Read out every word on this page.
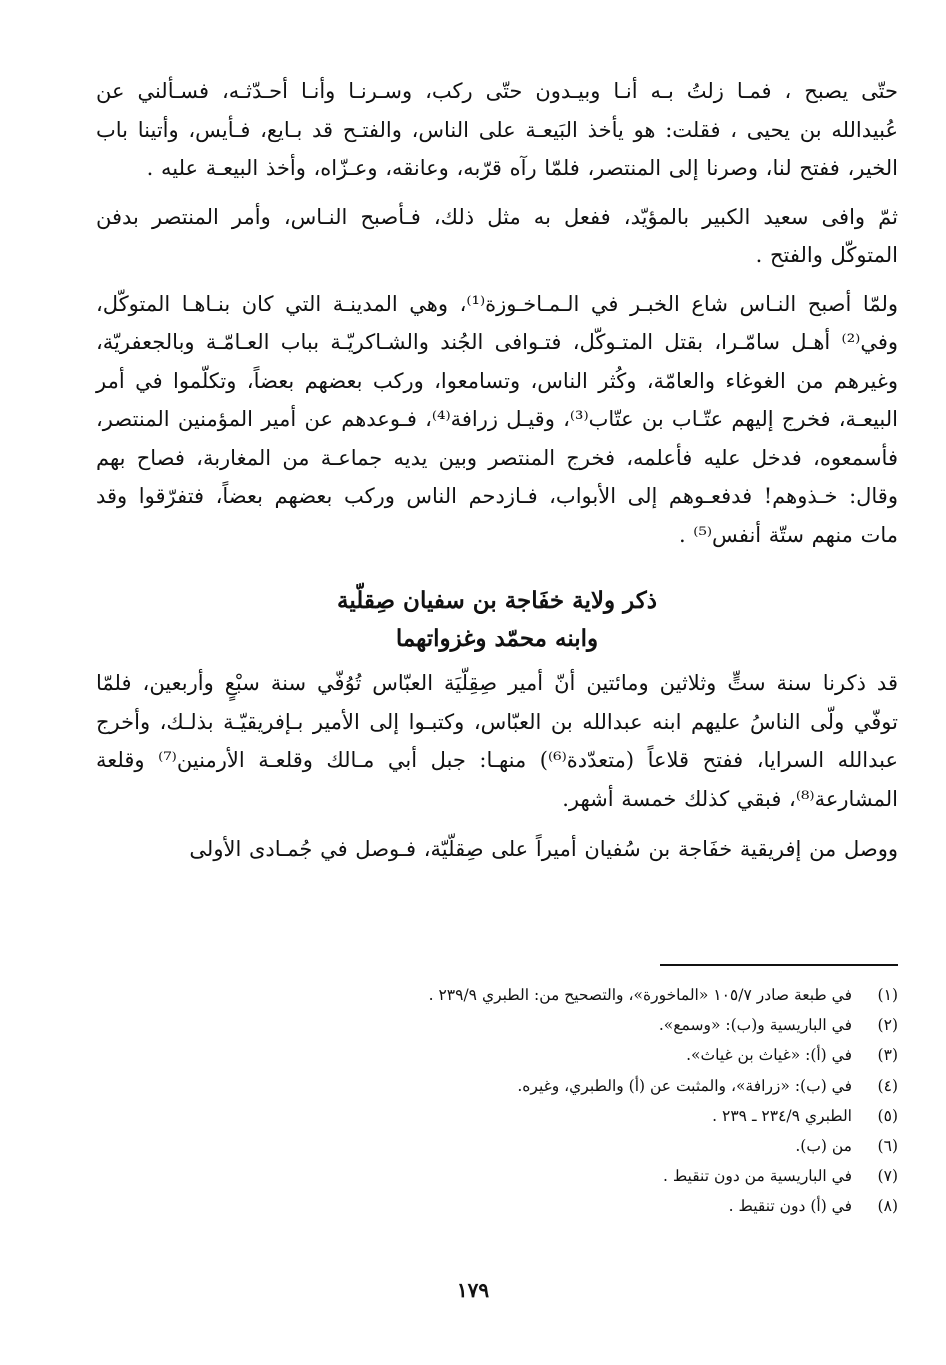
حتّى يصبح ، فمـا زلتُ بـه أنـا وبيـدون حتّى ركب، وسـرنـا وأنـا أحـدّثـه، فسـألني عن عُبيدالله بن يحيى ، فقلت: هو يأخذ البَيعـة على الناس، والفتـح قد بـايع، فـأيس، وأتينا باب الخير، ففتح لنا، وصرنا إلى المنتصر، فلمّا رآه قرّبه، وعانقه، وعـزّاه، وأخذ البيعـة عليه .

ثمّ وافى سعيد الكبير بالمؤيّد، ففعل به مثل ذلك، فـأصبح النـاس، وأمر المنتصر بدفن المتوكّل والفتح .

ولمّا أصبح النـاس شاع الخبـر في الـمـاخـوزة⁽¹⁾، وهي المدينـة التي كان بنـاهـا المتوكّل، وفي⁽²⁾ أهـل سامّـرا، بقتل المتـوكّل، فتـوافى الجُند والشـاكريّـة بباب العـامّـة وبالجعفريّة، وغيرهم من الغوغاء والعامّة، وكُثر الناس، وتسامعوا، وركب بعضهم بعضاً، وتكلّموا في أمر البيعـة، فخرج إليهم عتّـاب بن عتّاب⁽³⁾، وقيـل زرافة⁽⁴⁾، فـوعدهم عن أمير المؤمنين المنتصر، فأسمعوه، فدخل عليه فأعلمه، فخرج المنتصر وبين يديه جماعـة من المغاربة، فصاح بهم وقال: خـذوهم! فدفعـوهم إلى الأبواب، فـازدحم الناس وركب بعضهم بعضاً، فتفرّقوا وقد مات منهم ستّة أنفس⁽⁵⁾ .

ذكر ولاية خفَاجة بن سفيان صِقلّية
وابنه محمّد وغزواتهما

قد ذكرنا سنة ستٍّ وثلاثين ومائتين أنّ أمير صِقِلّيَة العبّاس تُوُفّي سنة سبْعٍ وأربعين، فلمّا توفّي ولّى الناسُ عليهم ابنه عبدالله بن العبّاس، وكتبـوا إلى الأمير بـإفريقيّـة بذلـك، وأخرج عبدالله السرايا، ففتح قلاعاً (متعدّدة⁽⁶⁾) منهـا: جبل أبي مـالك وقلعـة الأرمنين⁽⁷⁾ وقلعة المشارعة⁽⁸⁾، فبقي كذلك خمسة أشهر.

ووصل من إفريقية خفَاجة بن سُفيان أميراً على صِقلّيّة، فـوصل في جُمـادى الأولى

(١)
في طبعة صادر ١٠٥/٧ «الماخورة»، والتصحيح من: الطبري ٢٣٩/٩ .
(٢)
في الباريسية و(ب): «وسمع».
(٣)
في (أ): «غياث بن غياث».
(٤)
في (ب): «زرافة»، والمثبت عن (أ) والطبري، وغيره.
(٥)
الطبري ٢٣٤/٩ ـ ٢٣٩ .
(٦)
من (ب).
(٧)
في الباريسية من دون تنقيط .
(٨)
في (أ) دون تنقيط .
١٧٩
